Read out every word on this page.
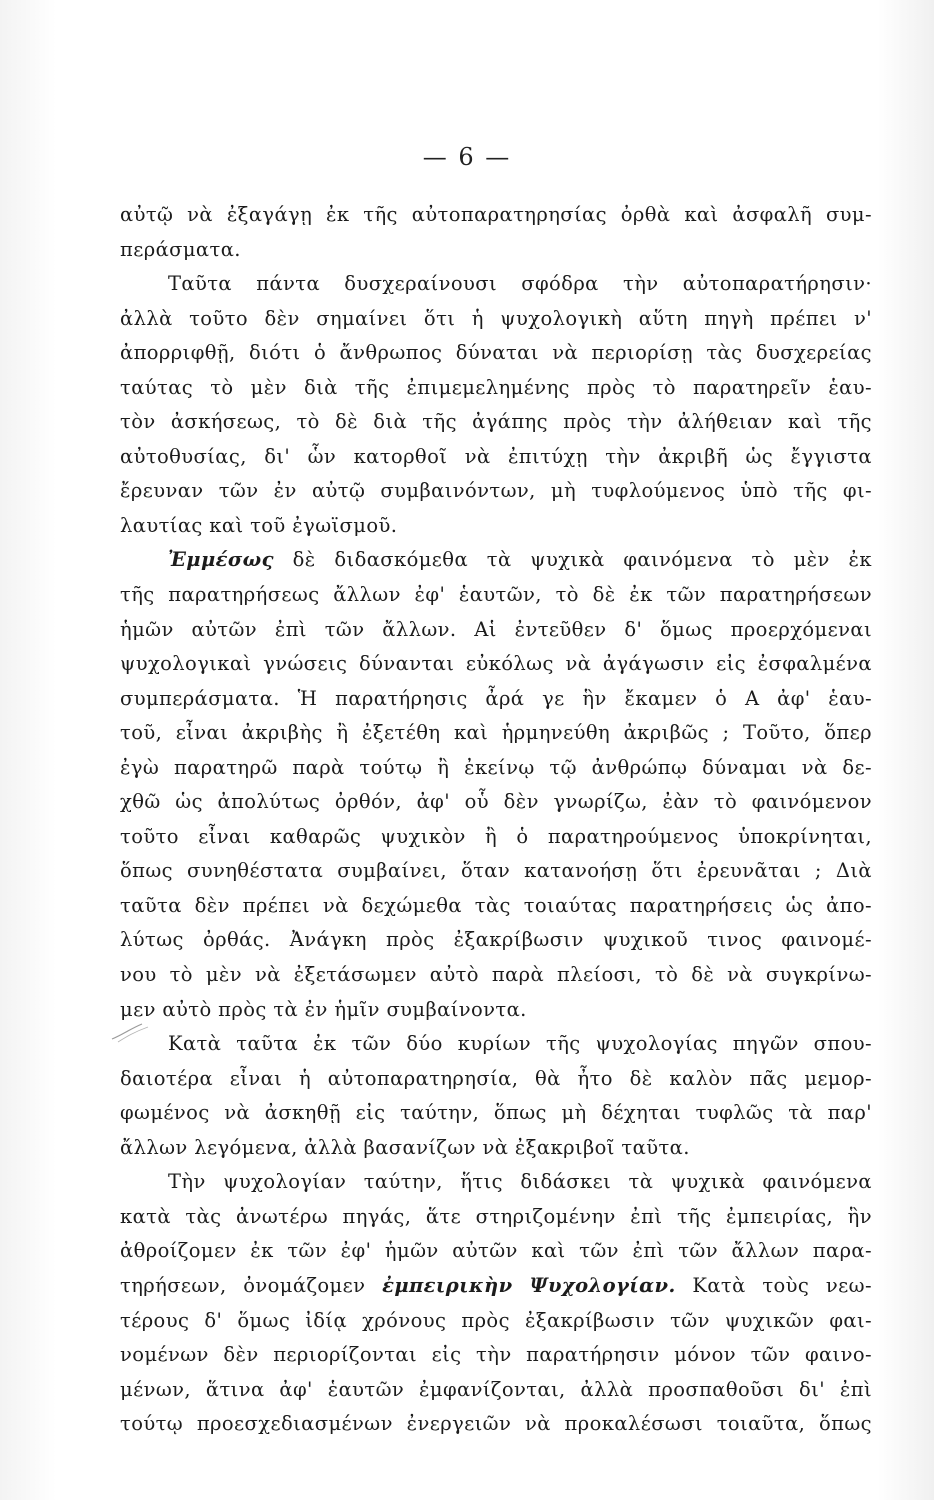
— 6 —
αὐτῷ νὰ ἐξαγάγῃ ἐκ τῆς αὐτοπαρατηρησίας ὀρθὰ καὶ ἀσφαλῆ συμ-
περάσματα.
Ταῦτα πάντα δυσχεραίνουσι σφόδρα τὴν αὐτοπαρατήρησιν·
ἀλλὰ τοῦτο δὲν σημαίνει ὅτι ἡ ψυχολογικὴ αὕτη πηγὴ πρέπει ν'
ἀπορριφθῇ, διότι ὁ ἄνθρωπος δύναται νὰ περιορίσῃ τὰς δυσχερείας
ταύτας τὸ μὲν διὰ τῆς ἐπιμεμελημένης πρὸς τὸ παρατηρεῖν ἑαυ-
τὸν ἀσκήσεως, τὸ δὲ διὰ τῆς ἀγάπης πρὸς τὴν ἀλήθειαν καὶ τῆς
αὐτοθυσίας, δι' ὧν κατορθοῖ νὰ ἐπιτύχῃ τὴν ἀκριβῆ ὡς ἔγγιστα
ἔρευναν τῶν ἐν αὐτῷ συμβαινόντων, μὴ τυφλούμενος ὑπὸ τῆς φι-
λαυτίας καὶ τοῦ ἐγωϊσμοῦ.
Ἐμμέσως δὲ διδασκόμεθα τὰ ψυχικὰ φαινόμενα τὸ μὲν ἐκ
τῆς παρατηρήσεως ἄλλων ἐφ' ἑαυτῶν, τὸ δὲ ἐκ τῶν παρατηρήσεων
ἡμῶν αὐτῶν ἐπὶ τῶν ἄλλων. Αἱ ἐντεῦθεν δ' ὅμως προερχόμεναι
ψυχολογικαὶ γνώσεις δύνανται εὐκόλως νὰ ἀγάγωσιν εἰς ἐσφαλμένα
συμπεράσματα. Ἡ παρατήρησις ἆρά γε ἣν ἔκαμεν ὁ Α ἀφ' ἑαυ-
τοῦ, εἶναι ἀκριβὴς ἢ ἐξετέθη καὶ ἡρμηνεύθη ἀκριβῶς ; Τοῦτο, ὅπερ
ἐγὼ παρατηρῶ παρὰ τούτῳ ἢ ἐκείνῳ τῷ ἀνθρώπῳ δύναμαι νὰ δε-
χθῶ ὡς ἀπολύτως ὀρθόν, ἀφ' οὗ δὲν γνωρίζω, ἐὰν τὸ φαινόμενον
τοῦτο εἶναι καθαρῶς ψυχικὸν ἢ ὁ παρατηρούμενος ὑποκρίνηται,
ὅπως συνηθέστατα συμβαίνει, ὅταν κατανοήσῃ ὅτι ἐρευνᾶται ; Διὰ
ταῦτα δὲν πρέπει νὰ δεχώμεθα τὰς τοιαύτας παρατηρήσεις ὡς ἀπο-
λύτως ὀρθάς. Ἀνάγκη πρὸς ἐξακρίβωσιν ψυχικοῦ τινος φαινομέ-
νου τὸ μὲν νὰ ἐξετάσωμεν αὐτὸ παρὰ πλείοσι, τὸ δὲ νὰ συγκρίνω-
μεν αὐτὸ πρὸς τὰ ἐν ἡμῖν συμβαίνοντα.
Κατὰ ταῦτα ἐκ τῶν δύο κυρίων τῆς ψυχολογίας πηγῶν σπου-
δαιοτέρα εἶναι ἡ αὐτοπαρατηρησία, θὰ ἦτο δὲ καλὸν πᾶς μεμορ-
φωμένος νὰ ἀσκηθῇ εἰς ταύτην, ὅπως μὴ δέχηται τυφλῶς τὰ παρ'
ἄλλων λεγόμενα, ἀλλὰ βασανίζων νὰ ἐξακριβοῖ ταῦτα.
Τὴν ψυχολογίαν ταύτην, ἥτις διδάσκει τὰ ψυχικὰ φαινόμενα
κατὰ τὰς ἀνωτέρω πηγάς, ἅτε στηριζομένην ἐπὶ τῆς ἐμπειρίας, ἣν
ἀθροίζομεν ἐκ τῶν ἐφ' ἡμῶν αὐτῶν καὶ τῶν ἐπὶ τῶν ἄλλων παρα-
τηρήσεων, ὀνομάζομεν ἐμπειρικὴν Ψυχολογίαν. Κατὰ τοὺς νεω-
τέρους δ' ὅμως ἰδίᾳ χρόνους πρὸς ἐξακρίβωσιν τῶν ψυχικῶν φαι-
νομένων δὲν περιορίζονται εἰς τὴν παρατήρησιν μόνον τῶν φαινο-
μένων, ἅτινα ἀφ' ἑαυτῶν ἐμφανίζονται, ἀλλὰ προσπαθοῦσι δι' ἐπὶ
τούτῳ προεσχεδιασμένων ἐνεργειῶν νὰ προκαλέσωσι τοιαῦτα, ὅπως
